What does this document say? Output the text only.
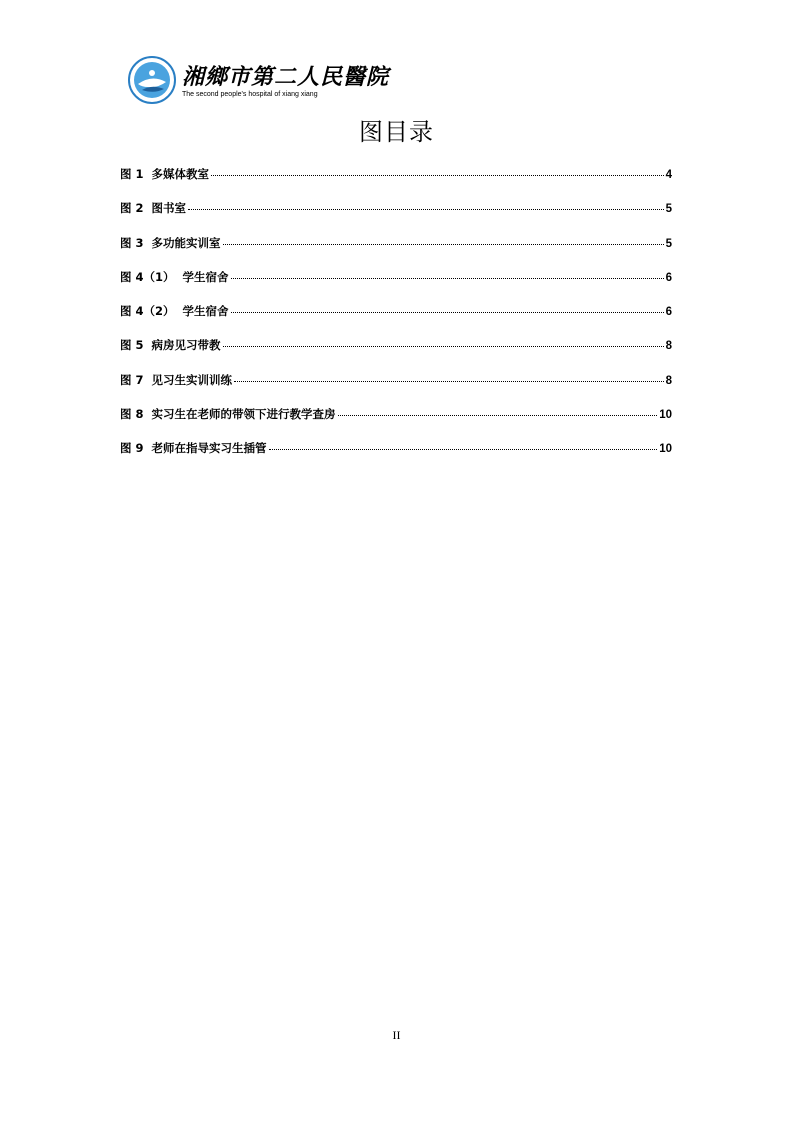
湘鄉市第二人民醫院
The second people's hospital of xiang xiang
图目录
图 1  多媒体教室	4
图 2  图书室	5
图 3  多功能实训室	5
图 4（1）  学生宿舍	6
图 4（2）  学生宿舍	6
图 5  病房见习带教	8
图 7  见习生实训训练	8
图 8  实习生在老师的带领下进行教学查房	10
图 9  老师在指导实习生插管	10
II
